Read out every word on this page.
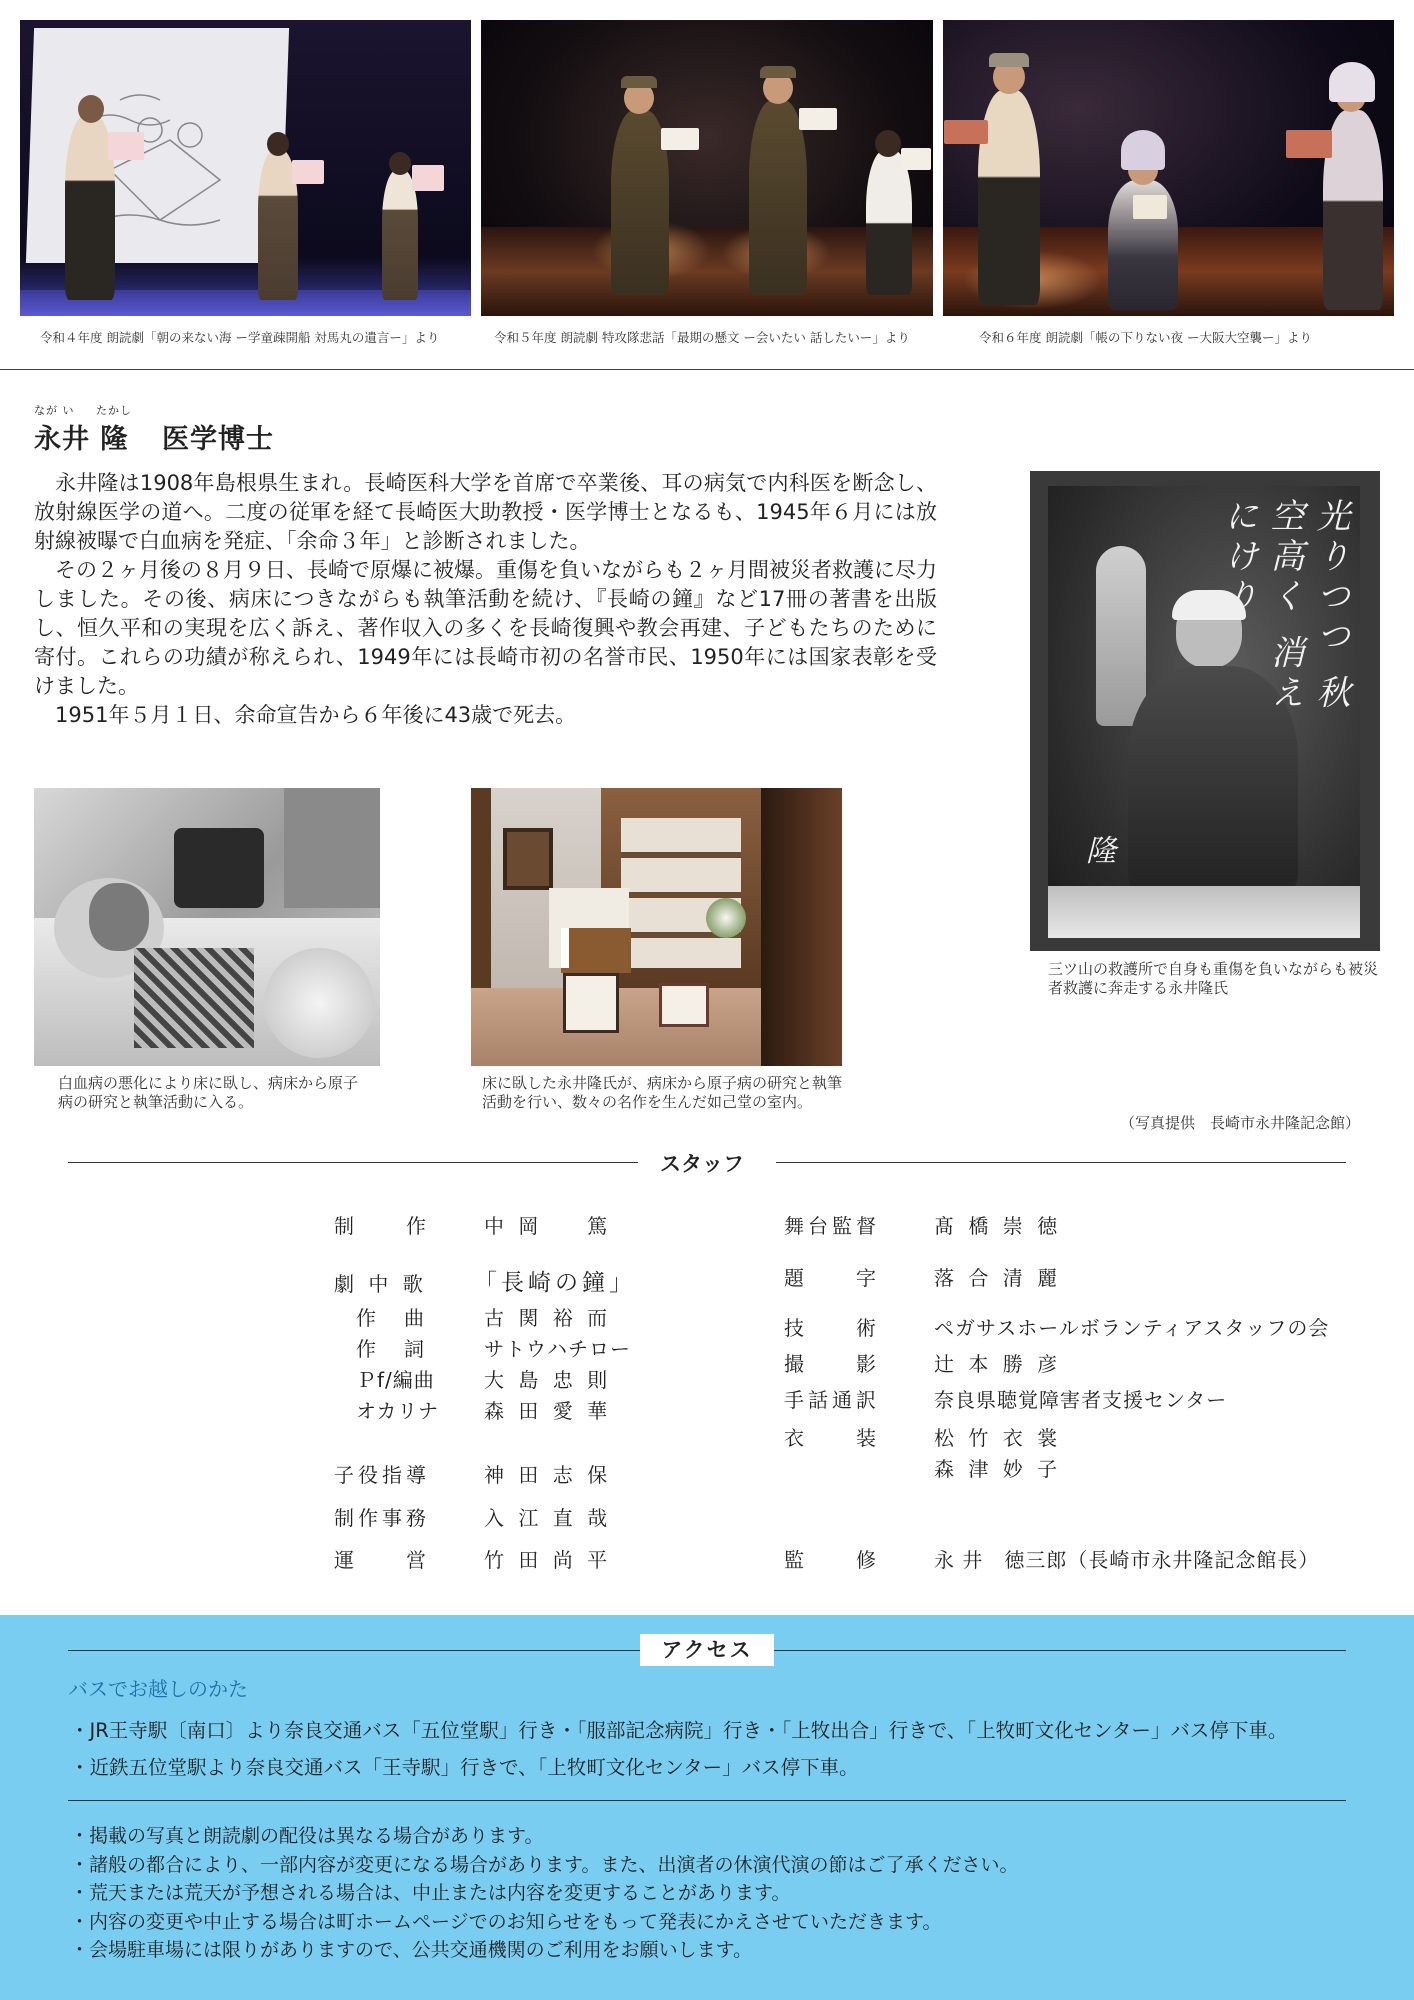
令和４年度 朗読劇「朝の来ない海 ー学童疎開船 対馬丸の遺言ー」より	令和５年度 朗読劇 特攻隊悲話「最期の懸文 ー会いたい 話したいー」より	令和６年度 朗読劇「帳の下りない夜 ー大阪大空襲ー」より
なが い たかし
永井 隆 医学博士

永井隆は1908年島根県生まれ。長崎医科大学を首席で卒業後、耳の病気で内科医を断念し、放射線医学の道へ。二度の従軍を経て長崎医大助教授・医学博士となるも、1945年６月には放射線被曝で白血病を発症、「余命３年」と診断されました。

その２ヶ月後の８月９日、長崎で原爆に被爆。重傷を負いながらも２ヶ月間被災者救護に尽力しました。その後、病床につきながらも執筆活動を続け、『長崎の鐘』など17冊の著書を出版し、恒久平和の実現を広く訴え、著作収入の多くを長崎復興や教会再建、子どもたちのために寄付。これらの功績が称えられ、1949年には長崎市初の名誉市民、1950年には国家表彰を受けました。

1951年５月１日、余命宣告から６年後に43歳で死去。

白血病の悪化により床に臥し、病床から原子病の研究と執筆活動に入る。
床に臥した永井隆氏が、病床から原子病の研究と執筆活動を行い、数々の名作を生んだ如己堂の室内。
光りつつ 秋空高く 消えにけり
隆
三ツ山の救護所で自身も重傷を負いながらも被災者救護に奔走する永井隆氏
（写真提供　長崎市永井隆記念館）
スタッフ
制　　作	中 岡 　 篤
劇 中 歌 「長崎の鐘」
作　曲	古 関 裕 而
作　詞	サトウハチロー
Ｐf/編曲 大 島 忠 則
オカリナ 森 田 愛 華
子役指導	神 田 志 保
制作事務	入 江 直 哉
運　　営	竹 田 尚 平
舞台監督	髙 橋 崇 徳
題　　字	落 合 清 麗
技　　術	ペガサスホールボランティアスタッフの会
撮　　影	辻 本 勝 彦
手話通訳	奈良県聴覚障害者支援センター
衣　　装	松 竹 衣 裳
森 津 妙 子
監　　修	永 井　徳三郎（長崎市永井隆記念館長）
アクセス
バスでお越しのかた
・JR王寺駅〔南口〕より奈良交通バス「五位堂駅」行き・「服部記念病院」行き・「上牧出合」行きで、「上牧町文化センター」バス停下車。
・近鉄五位堂駅より奈良交通バス「王寺駅」行きで、「上牧町文化センター」バス停下車。
・掲載の写真と朗読劇の配役は異なる場合があります。
・諸般の都合により、一部内容が変更になる場合があります。また、出演者の休演代演の節はご了承ください。
・荒天または荒天が予想される場合は、中止または内容を変更することがあります。
・内容の変更や中止する場合は町ホームページでのお知らせをもって発表にかえさせていただきます。
・会場駐車場には限りがありますので、公共交通機関のご利用をお願いします。
